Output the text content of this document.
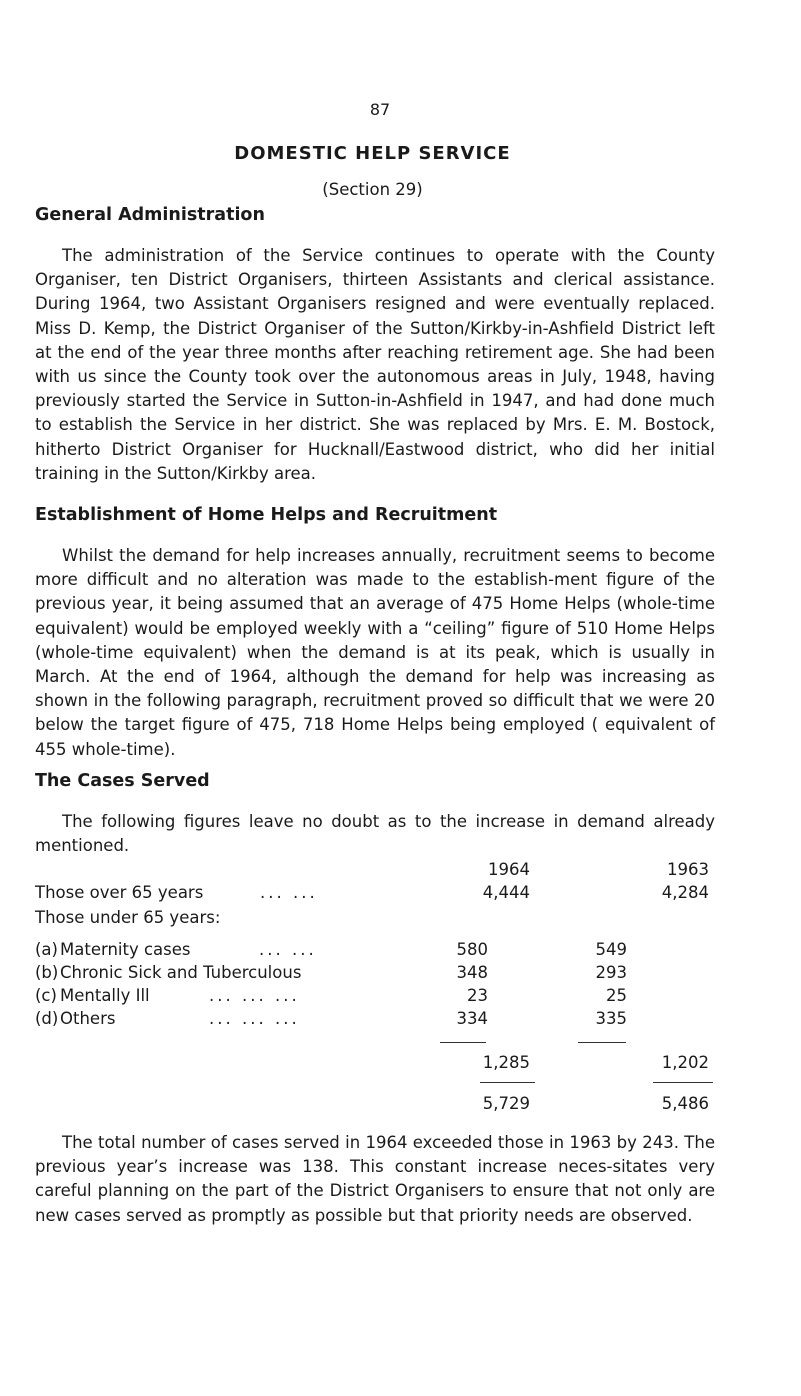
87
DOMESTIC HELP SERVICE
(Section 29)
General Administration

The administration of the Service continues to operate with the County Organiser, ten District Organisers, thirteen Assistants and clerical assistance. During 1964, two Assistant Organisers resigned and were eventually replaced. Miss D. Kemp, the District Organiser of the Sutton/Kirkby-in-Ashfield District left at the end of the year three months after reaching retirement age. She had been with us since the County took over the autonomous areas in July, 1948, having previously started the Service in Sutton-in-Ashfield in 1947, and had done much to establish the Service in her district. She was replaced by Mrs. E. M. Bostock, hitherto District Organiser for Hucknall/Eastwood district, who did her initial training in the Sutton/Kirkby area.

Establishment of Home Helps and Recruitment

Whilst the demand for help increases annually, recruitment seems to become more difficult and no alteration was made to the establish-ment figure of the previous year, it being assumed that an average of 475 Home Helps (whole-time equivalent) would be employed weekly with a “ceiling” figure of 510 Home Helps (whole-time equivalent) when the demand is at its peak, which is usually in March. At the end of 1964, although the demand for help was increasing as shown in the following paragraph, recruitment proved so difficult that we were 20 below the target figure of 475, 718 Home Helps being employed ( equivalent of 455 whole-time).

The Cases Served

The following figures leave no doubt as to the increase in demand already mentioned.

1964	1963
Those over 65 years	... ...	4,444	4,284
Those under 65 years:
(a) Maternity cases	... ...	580	549
(b) Chronic Sick and Tuberculous	348	293
(c) Mentally Ill	... ... ...	23	25
(d) Others	... ... ...	334	335
1,285	1,202
5,729	5,486

The total number of cases served in 1964 exceeded those in 1963 by 243. The previous year’s increase was 138. This constant increase neces-sitates very careful planning on the part of the District Organisers to ensure that not only are new cases served as promptly as possible but that priority needs are observed.
